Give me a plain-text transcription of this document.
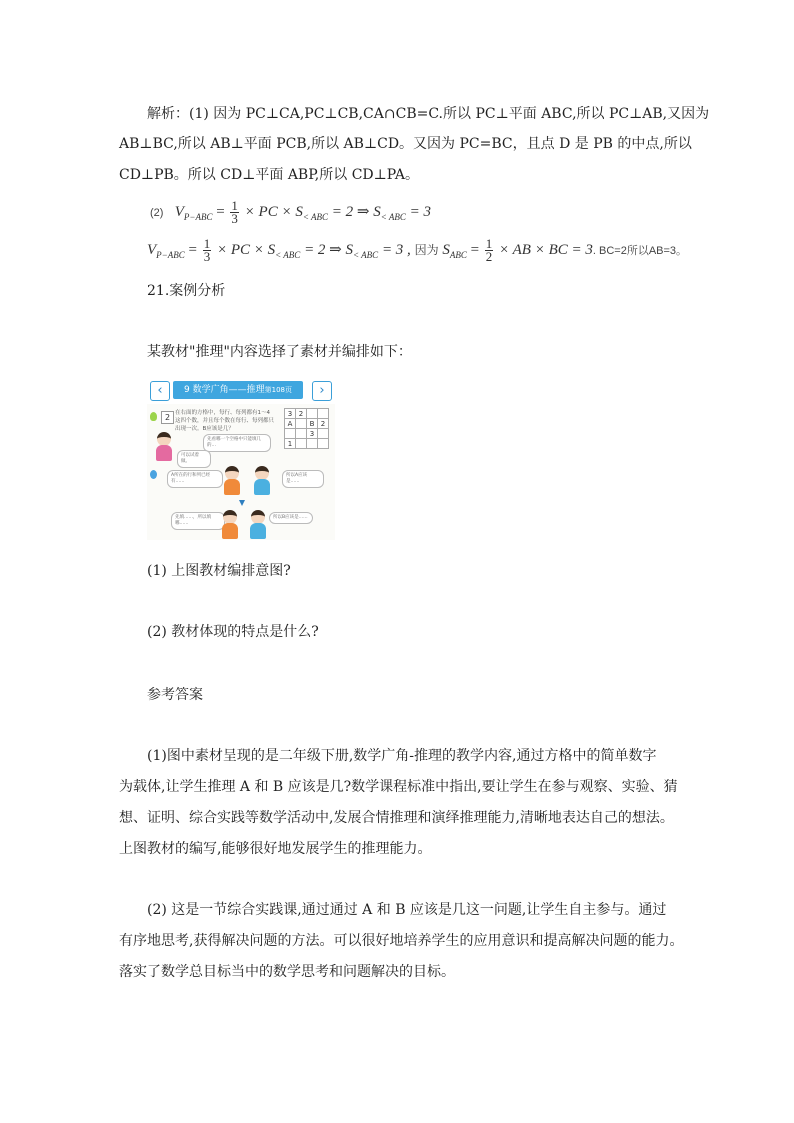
解析：(1) 因为 PC⊥CA,PC⊥CB,CA∩CB=C.所以 PC⊥平面 ABC,所以 PC⊥AB,又因为
AB⊥BC,所以 AB⊥平面 PCB,所以 AB⊥CD。又因为 PC=BC，且点 D 是 PB 的中点,所以
CD⊥PB。所以 CD⊥平面 ABP,所以 CD⊥PA。
(2) $V_{P-ABC} = \frac{1}{3}$ × PC × $S_{< ABC} = 2$ ⇒ $S_{< ABC} = 3$
$V_{P-ABC} = \frac{1}{3}$ × PC × $S_{< ABC} = 2$ ⇒ $S_{< ABC} = 3$ , 因为 $S_{ABC} = \frac{1}{2}$ × AB × BC = 3. BC=2所以AB=3。
21.案例分析
某教材"推理"内容选择了素材并编排如下：
‹	9 数学广角——推理第108页	›
2 在右面的方格中，每行、每列都有1～4这四个数，并且每个数在每行、每列都只出现一次。B应该是几？
3	2		
A		B	2
		3	
1			
先看哪一个空格中只能填几的…
可以试着做。
A所在的行和列已经有……
所以A应该是……
先填……，所以填哪……
所以B应该是……
(1) 上图教材编排意图?
(2) 教材体现的特点是什么?
参考答案
(1)图中素材呈现的是二年级下册,数学广角-推理的教学内容,通过方格中的简单数字
为载体,让学生推理 A 和 B 应该是几?数学课程标准中指出,要让学生在参与观察、实验、猜
想、证明、综合实践等数学活动中,发展合情推理和演绎推理能力,清晰地表达自己的想法。
上图教材的编写,能够很好地发展学生的推理能力。
(2) 这是一节综合实践课,通过通过 A 和 B 应该是几这一问题,让学生自主参与。通过
有序地思考,获得解决问题的方法。可以很好地培养学生的应用意识和提高解决问题的能力。
落实了数学总目标当中的数学思考和问题解决的目标。
